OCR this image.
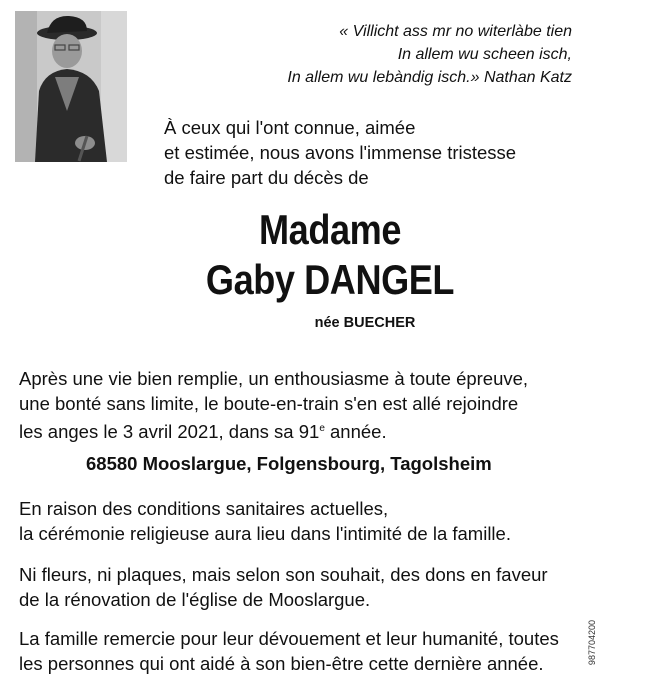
« Villicht ass mr no witerlàbe tien
In allem wu scheen isch,
In allem wu lebàndig isch.» Nathan Katz
À ceux qui l'ont connue, aimée
et estimée, nous avons l'immense tristesse
de faire part du décès de
Madame
Gaby DANGEL
née BUECHER
Après une vie bien remplie, un enthousiasme à toute épreuve,
une bonté sans limite, le boute-en-train s'en est allé rejoindre
les anges le 3 avril 2021, dans sa 91e année.
68580 Mooslargue, Folgensbourg, Tagolsheim
En raison des conditions sanitaires actuelles,
la cérémonie religieuse aura lieu dans l'intimité de la famille.
Ni fleurs, ni plaques, mais selon son souhait, des dons en faveur
de la rénovation de l'église de Mooslargue.
La famille remercie pour leur dévouement et leur humanité, toutes
les personnes qui ont aidé à son bien-être cette dernière année.	987704200
